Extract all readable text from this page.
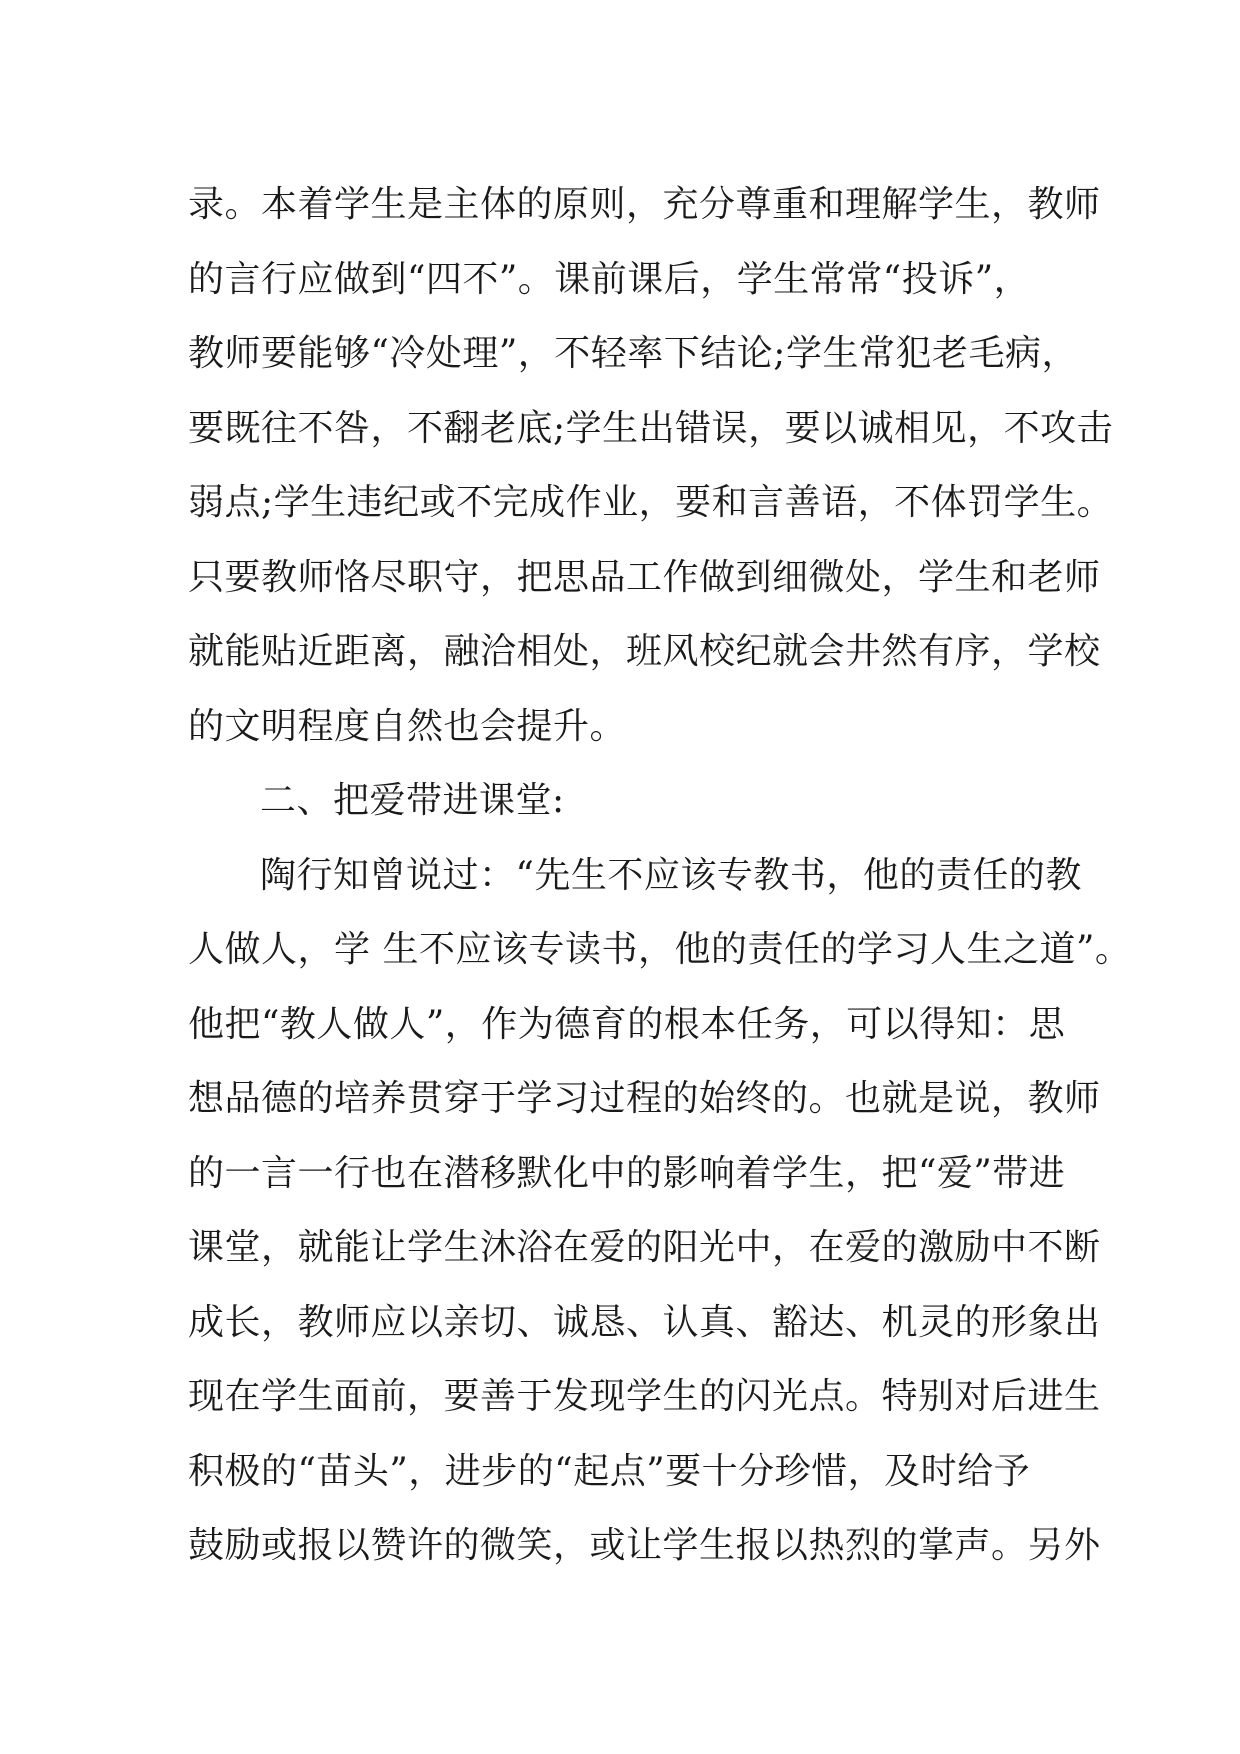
录。本着学生是主体的原则，充分尊重和理解学生，教师
的言行应做到“四不”。课前课后，学生常常“投诉”，
教师要能够“冷处理”，不轻率下结论;学生常犯老毛病，
要既往不咎，不翻老底;学生出错误，要以诚相见，不攻击
弱点;学生违纪或不完成作业，要和言善语，不体罚学生。
只要教师恪尽职守，把思品工作做到细微处，学生和老师
就能贴近距离，融洽相处，班风校纪就会井然有序，学校
的文明程度自然也会提升。
二、把爱带进课堂:
陶行知曾说过：“先生不应该专教书，他的责任的教
人做人，学 生不应该专读书，他的责任的学习人生之道”。
他把“教人做人”，作为德育的根本任务，可以得知：思
想品德的培养贯穿于学习过程的始终的。也就是说，教师
的一言一行也在潜移默化中的影响着学生，把“爱”带进
课堂，就能让学生沐浴在爱的阳光中，在爱的激励中不断
成长，教师应以亲切、诚恳、认真、豁达、机灵的形象出
现在学生面前，要善于发现学生的闪光点。特别对后进生
积极的“苗头”，进步的“起点”要十分珍惜，及时给予
鼓励或报以赞许的微笑，或让学生报以热烈的掌声。另外
